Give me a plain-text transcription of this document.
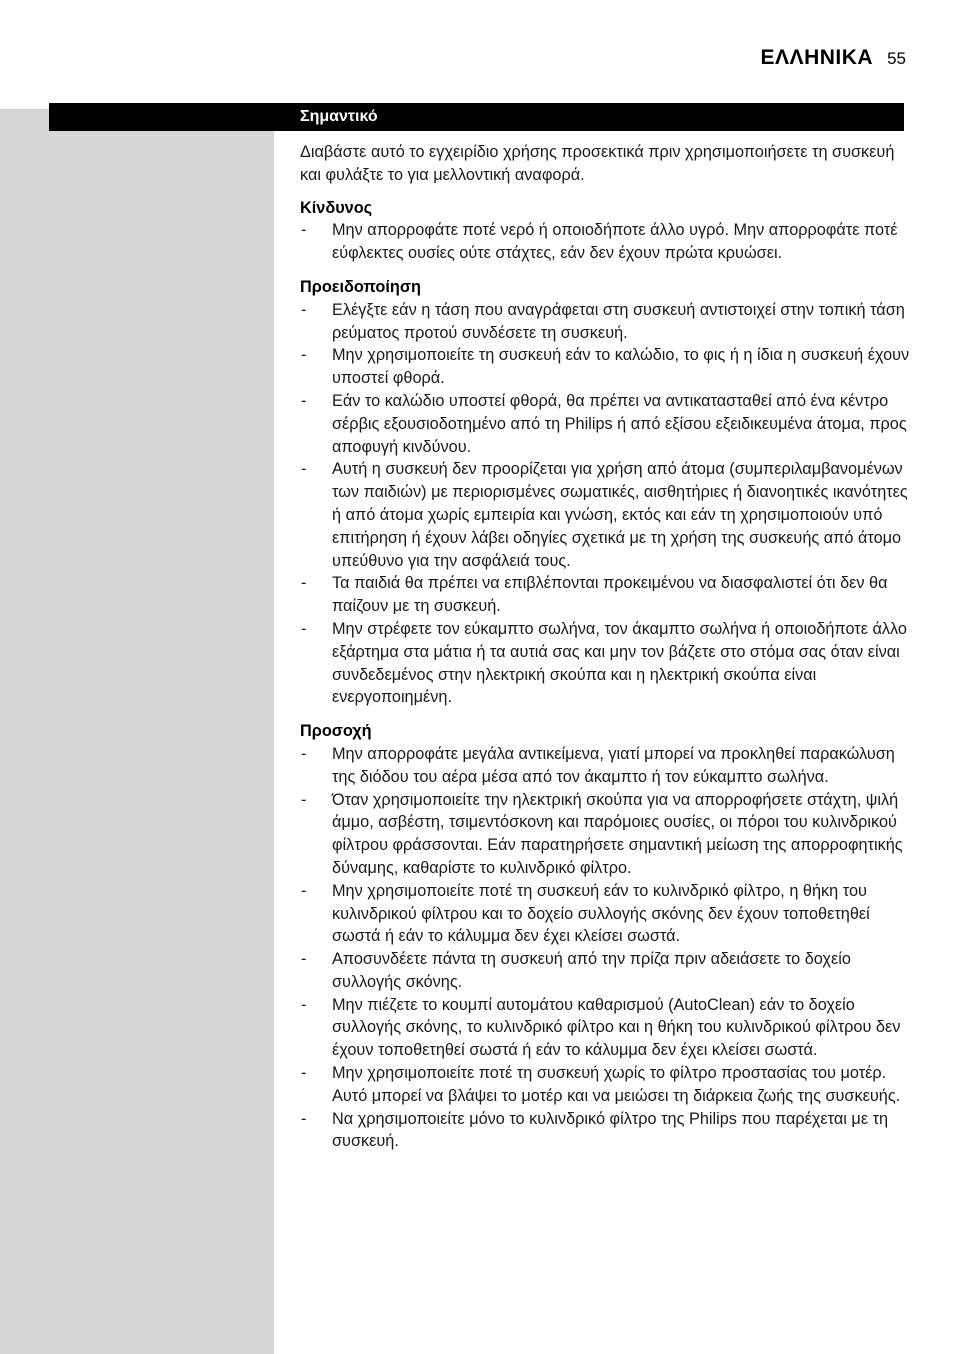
ΕΛΛΗΝΙΚΑ 55
Σημαντικό

Διαβάστε αυτό το εγχειρίδιο χρήσης προσεκτικά πριν χρησιμοποιήσετε τη συσκευή και φυλάξτε το για μελλοντική αναφορά.

Κίνδυνος
- Μην απορροφάτε ποτέ νερό ή οποιοδήποτε άλλο υγρό. Μην απορροφάτε ποτέ εύφλεκτες ουσίες ούτε στάχτες, εάν δεν έχουν πρώτα κρυώσει.
Προειδοποίηση
- Ελέγξτε εάν η τάση που αναγράφεται στη συσκευή αντιστοιχεί στην τοπική τάση ρεύματος προτού συνδέσετε τη συσκευή.
- Μην χρησιμοποιείτε τη συσκευή εάν το καλώδιο, το φις ή η ίδια η συσκευή έχουν υποστεί φθορά.
- Εάν το καλώδιο υποστεί φθορά, θα πρέπει να αντικατασταθεί από ένα κέντρο σέρβις εξουσιοδοτημένο από τη Philips ή από εξίσου εξειδικευμένα άτομα, προς αποφυγή κινδύνου.
- Αυτή η συσκευή δεν προορίζεται για χρήση από άτομα (συμπεριλαμβανομένων των παιδιών) με περιορισμένες σωματικές, αισθητήριες ή διανοητικές ικανότητες ή από άτομα χωρίς εμπειρία και γνώση, εκτός και εάν τη χρησιμοποιούν υπό επιτήρηση ή έχουν λάβει οδηγίες σχετικά με τη χρήση της συσκευής από άτομο υπεύθυνο για την ασφάλειά τους.
- Τα παιδιά θα πρέπει να επιβλέπονται προκειμένου να διασφαλιστεί ότι δεν θα παίζουν με τη συσκευή.
- Μην στρέφετε τον εύκαμπτο σωλήνα, τον άκαμπτο σωλήνα ή οποιοδήποτε άλλο εξάρτημα στα μάτια ή τα αυτιά σας και μην τον βάζετε στο στόμα σας όταν είναι συνδεδεμένος στην ηλεκτρική σκούπα και η ηλεκτρική σκούπα είναι ενεργοποιημένη.
Προσοχή
- Μην απορροφάτε μεγάλα αντικείμενα, γιατί μπορεί να προκληθεί παρακώλυση της διόδου του αέρα μέσα από τον άκαμπτο ή τον εύκαμπτο σωλήνα.
- Όταν χρησιμοποιείτε την ηλεκτρική σκούπα για να απορροφήσετε στάχτη, ψιλή άμμο, ασβέστη, τσιμεντόσκονη και παρόμοιες ουσίες, οι πόροι του κυλινδρικού φίλτρου φράσσονται. Εάν παρατηρήσετε σημαντική μείωση της απορροφητικής δύναμης, καθαρίστε το κυλινδρικό φίλτρο.
- Μην χρησιμοποιείτε ποτέ τη συσκευή εάν το κυλινδρικό φίλτρο, η θήκη του κυλινδρικού φίλτρου και το δοχείο συλλογής σκόνης δεν έχουν τοποθετηθεί σωστά ή εάν το κάλυμμα δεν έχει κλείσει σωστά.
- Αποσυνδέετε πάντα τη συσκευή από την πρίζα πριν αδειάσετε το δοχείο συλλογής σκόνης.
- Μην πιέζετε το κουμπί αυτομάτου καθαρισμού (AutoClean) εάν το δοχείο συλλογής σκόνης, το κυλινδρικό φίλτρο και η θήκη του κυλινδρικού φίλτρου δεν έχουν τοποθετηθεί σωστά ή εάν το κάλυμμα δεν έχει κλείσει σωστά.
- Μην χρησιμοποιείτε ποτέ τη συσκευή χωρίς το φίλτρο προστασίας του μοτέρ. Αυτό μπορεί να βλάψει το μοτέρ και να μειώσει τη διάρκεια ζωής της συσκευής.
- Να χρησιμοποιείτε μόνο το κυλινδρικό φίλτρο της Philips που παρέχεται με τη συσκευή.
